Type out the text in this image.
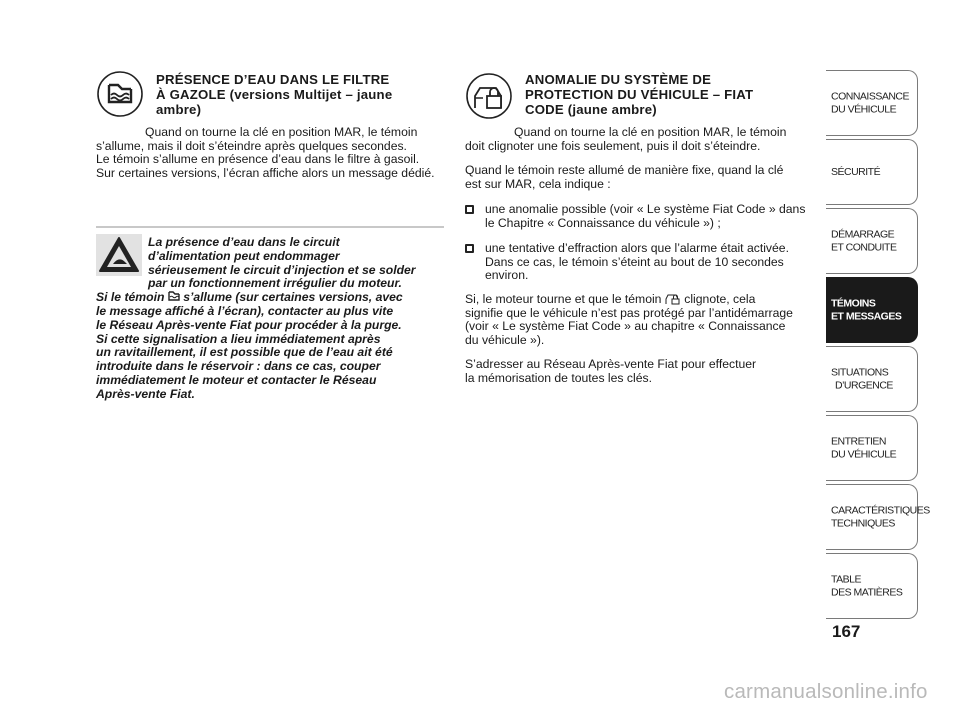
PRÉSENCE D’EAU DANS LE FILTRE
À GAZOLE (versions Multijet – jaune
ambre)
Quand on tourne la clé en position MAR, le témoin
s’allume, mais il doit s’éteindre après quelques secondes.
Le témoin s’allume en présence d’eau dans le filtre à gasoil.
Sur certaines versions, l’écran affiche alors un message dédié.
La présence d’eau dans le circuit
d’alimentation peut endommager
sérieusement le circuit d’injection et se solder
par un fonctionnement irrégulier du moteur.
Si le témoin s’allume (sur certaines versions, avec
le message affiché à l’écran), contacter au plus vite
le Réseau Après-vente Fiat pour procéder à la purge.
Si cette signalisation a lieu immédiatement après
un ravitaillement, il est possible que de l’eau ait été
introduite dans le réservoir : dans ce cas, couper
immédiatement le moteur et contacter le Réseau
Après-vente Fiat.
ANOMALIE DU SYSTÈME DE
PROTECTION DU VÉHICULE – FIAT
CODE (jaune ambre)
Quand on tourne la clé en position MAR, le témoin
doit clignoter une fois seulement, puis il doit s’éteindre.
Quand le témoin reste allumé de manière fixe, quand la clé
est sur MAR, cela indique :
une anomalie possible (voir « Le système Fiat Code » dans
le Chapitre « Connaissance du véhicule ») ;
une tentative d’effraction alors que l’alarme était activée.
Dans ce cas, le témoin s’éteint au bout de 10 secondes
environ.
Si, le moteur tourne et que le témoin clignote, cela
signifie que le véhicule n’est pas protégé par l’antidémarrage
(voir « Le système Fiat Code » au chapitre « Connaissance
du véhicule »).
S’adresser au Réseau Après-vente Fiat pour effectuer
la mémorisation de toutes les clés.
CONNAISSANCE
DU VÉHICULE
SÉCURITÉ
DÉMARRAGE
ET CONDUITE
TÉMOINS
ET MESSAGES
SITUATIONS
D’URGENCE
ENTRETIEN
DU VÉHICULE
CARACTÉRISTIQUES
TECHNIQUES
TABLE
DES MATIÈRES
167
carmanualsonline.info
